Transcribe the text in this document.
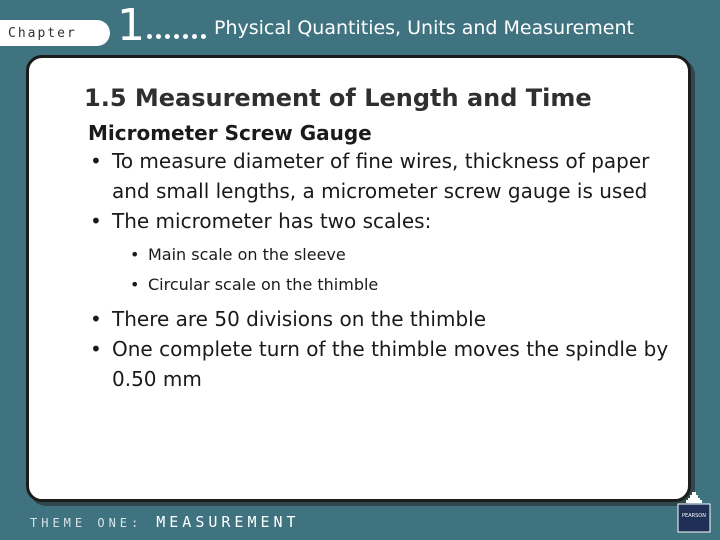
Chapter 1	Physical Quantities, Units and Measurement
1.5 Measurement of Length and Time

Micrometer Screw Gauge

• To measure diameter of fine wires, thickness of paper and small lengths, a micrometer screw gauge is used
• The micrometer has two scales:
• Main scale on the sleeve
• Circular scale on the thimble
• There are 50 divisions on the thimble
• One complete turn of the thimble moves the spindle by 0.50 mm
THEME ONE: MEASUREMENT	PEARSON
